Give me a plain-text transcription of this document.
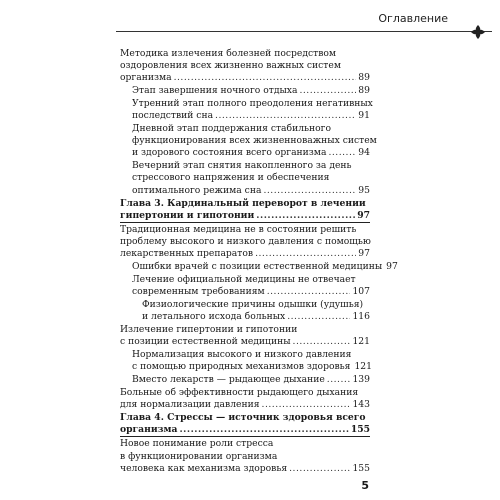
Оглавление
Методика излечения болезней посредством
оздоровления всех жизненно важных систем
организма .....	89
Этап завершения ночного отдыха .....	89
Утренний этап полного преодоления негативных
последствий сна .....	91
Дневной этап поддержания стабильного
функционирования всех жизненноважных систем
и здорового состояния всего организма .....	94
Вечерний этап снятия накопленного за день
стрессового напряжения и обеспечения
оптимального режима сна .....	95
Глава 3. Кардинальный переворот в лечении
гипертонии и гипотонии .....	97
Традиционная медицина не в состоянии решить
проблему высокого и низкого давления с помощью
лекарственных препаратов .....	97
Ошибки врачей с позиции естественной медицины 97
Лечение официальной медицины не отвечает
современным требованиям .....	107
Физиологические причины одышки (удушья)
и летального исхода больных .....	116
Излечение гипертонии и гипотонии
с позиции естественной медицины .....	121
Нормализация высокого и низкого давления
с помощью природных механизмов здоровья 121
Вместо лекарств — рыдающее дыхание .....	139
Больные об эффективности рыдающего дыхания
для нормализации давления .....	143
Глава 4. Стрессы — источник здоровья всего
организма .....	155
Новое понимание роли стресса
в функционировании организма
человека как механизма здоровья .....	155
5
